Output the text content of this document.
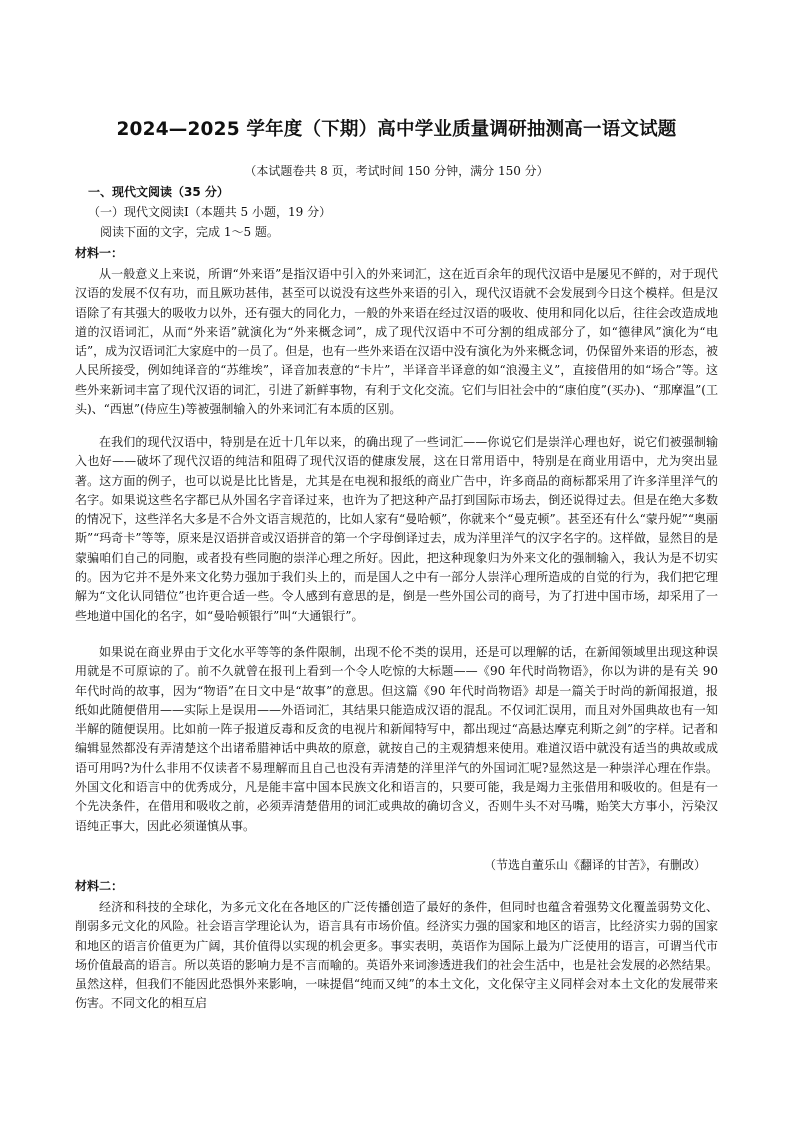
2024—2025 学年度（下期）高中学业质量调研抽测高一语文试题
（本试题卷共 8 页，考试时间 150 分钟，满分 150 分）
一、现代文阅读（35 分）
（一）现代文阅读Ⅰ（本题共 5 小题，19 分）
阅读下面的文字，完成 1～5 题。
材料一：

从一般意义上来说，所谓“外来语”是指汉语中引入的外来词汇，这在近百余年的现代汉语中是屡见不鲜的，对于现代汉语的发展不仅有功，而且厥功甚伟，甚至可以说没有这些外来语的引入，现代汉语就不会发展到今日这个模样。但是汉语除了有其强大的吸收力以外，还有强大的同化力，一般的外来语在经过汉语的吸收、使用和同化以后，往往会改造成地道的汉语词汇，从而“外来语”就演化为“外来概念词”，成了现代汉语中不可分割的组成部分了，如“德律风”演化为“电话”，成为汉语词汇大家庭中的一员了。但是，也有一些外来语在汉语中没有演化为外来概念词，仍保留外来语的形态，被人民所接受，例如纯译音的“苏维埃”，译音加表意的“卡片”，半译音半译意的如“浪漫主义”，直接借用的如“场合”等。这些外来新词丰富了现代汉语的词汇，引进了新鲜事物，有利于文化交流。它们与旧社会中的“康伯度”(买办)、“那摩温”(工头)、“西崽”(侍应生)等被强制输入的外来词汇有本质的区别。

在我们的现代汉语中，特别是在近十几年以来，的确出现了一些词汇——你说它们是崇洋心理也好，说它们被强制输入也好——破坏了现代汉语的纯洁和阻碍了现代汉语的健康发展，这在日常用语中，特别是在商业用语中，尤为突出显著。这方面的例子，也可以说是比比皆是，尤其是在电视和报纸的商业广告中，许多商品的商标都采用了许多洋里洋气的名字。如果说这些名字都已从外国名字音译过来，也许为了把这种产品打到国际市场去，倒还说得过去。但是在绝大多数的情况下，这些洋名大多是不合外文语言规范的，比如人家有“曼哈顿”，你就来个“曼克顿”。甚至还有什么“蒙丹妮”“奥丽斯”“玛奇卡”等等，原来是汉语拼音或汉语拼音的第一个字母倒译过去，成为洋里洋气的汉字名字的。这样做，显然目的是蒙骗咱们自己的同胞，或者投有些同胞的崇洋心理之所好。因此，把这种现象归为外来文化的强制输入，我认为是不切实的。因为它并不是外来文化势力强加于我们头上的，而是国人之中有一部分人崇洋心理所造成的自觉的行为，我们把它理解为“文化认同错位”也许更合适一些。令人感到有意思的是，倒是一些外国公司的商号，为了打进中国市场，却采用了一些地道中国化的名字，如“曼哈顿银行”叫“大通银行”。

如果说在商业界由于文化水平等等的条件限制，出现不伦不类的误用，还是可以理解的话，在新闻领域里出现这种误用就是不可原谅的了。前不久就曾在报刊上看到一个令人吃惊的大标题——《90 年代时尚物语》，你以为讲的是有关 90 年代时尚的故事，因为“物语”在日文中是“故事”的意思。但这篇《90 年代时尚物语》却是一篇关于时尚的新闻报道，报纸如此随便借用——实际上是误用——外语词汇，其结果只能造成汉语的混乱。不仅词汇误用，而且对外国典故也有一知半解的随便误用。比如前一阵子报道反毒和反贪的电视片和新闻特写中，都出现过“高悬达摩克利斯之剑”的字样。记者和编辑显然都没有弄清楚这个出诸希腊神话中典故的原意，就按自己的主观猜想来使用。难道汉语中就没有适当的典故或成语可用吗?为什么非用不仅读者不易理解而且自己也没有弄清楚的洋里洋气的外国词汇呢?显然这是一种崇洋心理在作祟。外国文化和语言中的优秀成分，凡是能丰富中国本民族文化和语言的，只要可能，我是竭力主张借用和吸收的。但是有一个先决条件，在借用和吸收之前，必须弄清楚借用的词汇或典故的确切含义，否则牛头不对马嘴，贻笑大方事小，污染汉语纯正事大，因此必须谨慎从事。

（节选自董乐山《翻译的甘苦》，有删改）
材料二：

经济和科技的全球化，为多元文化在各地区的广泛传播创造了最好的条件，但同时也蕴含着强势文化覆盖弱势文化、削弱多元文化的风险。社会语言学理论认为，语言具有市场价值。经济实力强的国家和地区的语言，比经济实力弱的国家和地区的语言价值更为广阔，其价值得以实现的机会更多。事实表明，英语作为国际上最为广泛使用的语言，可谓当代市场价值最高的语言。所以英语的影响力是不言而喻的。英语外来词渗透进我们的社会生活中，也是社会发展的必然结果。虽然这样，但我们不能因此恐惧外来影响，一味提倡“纯而又纯”的本土文化，文化保守主义同样会对本土文化的发展带来伤害。不同文化的相互启
